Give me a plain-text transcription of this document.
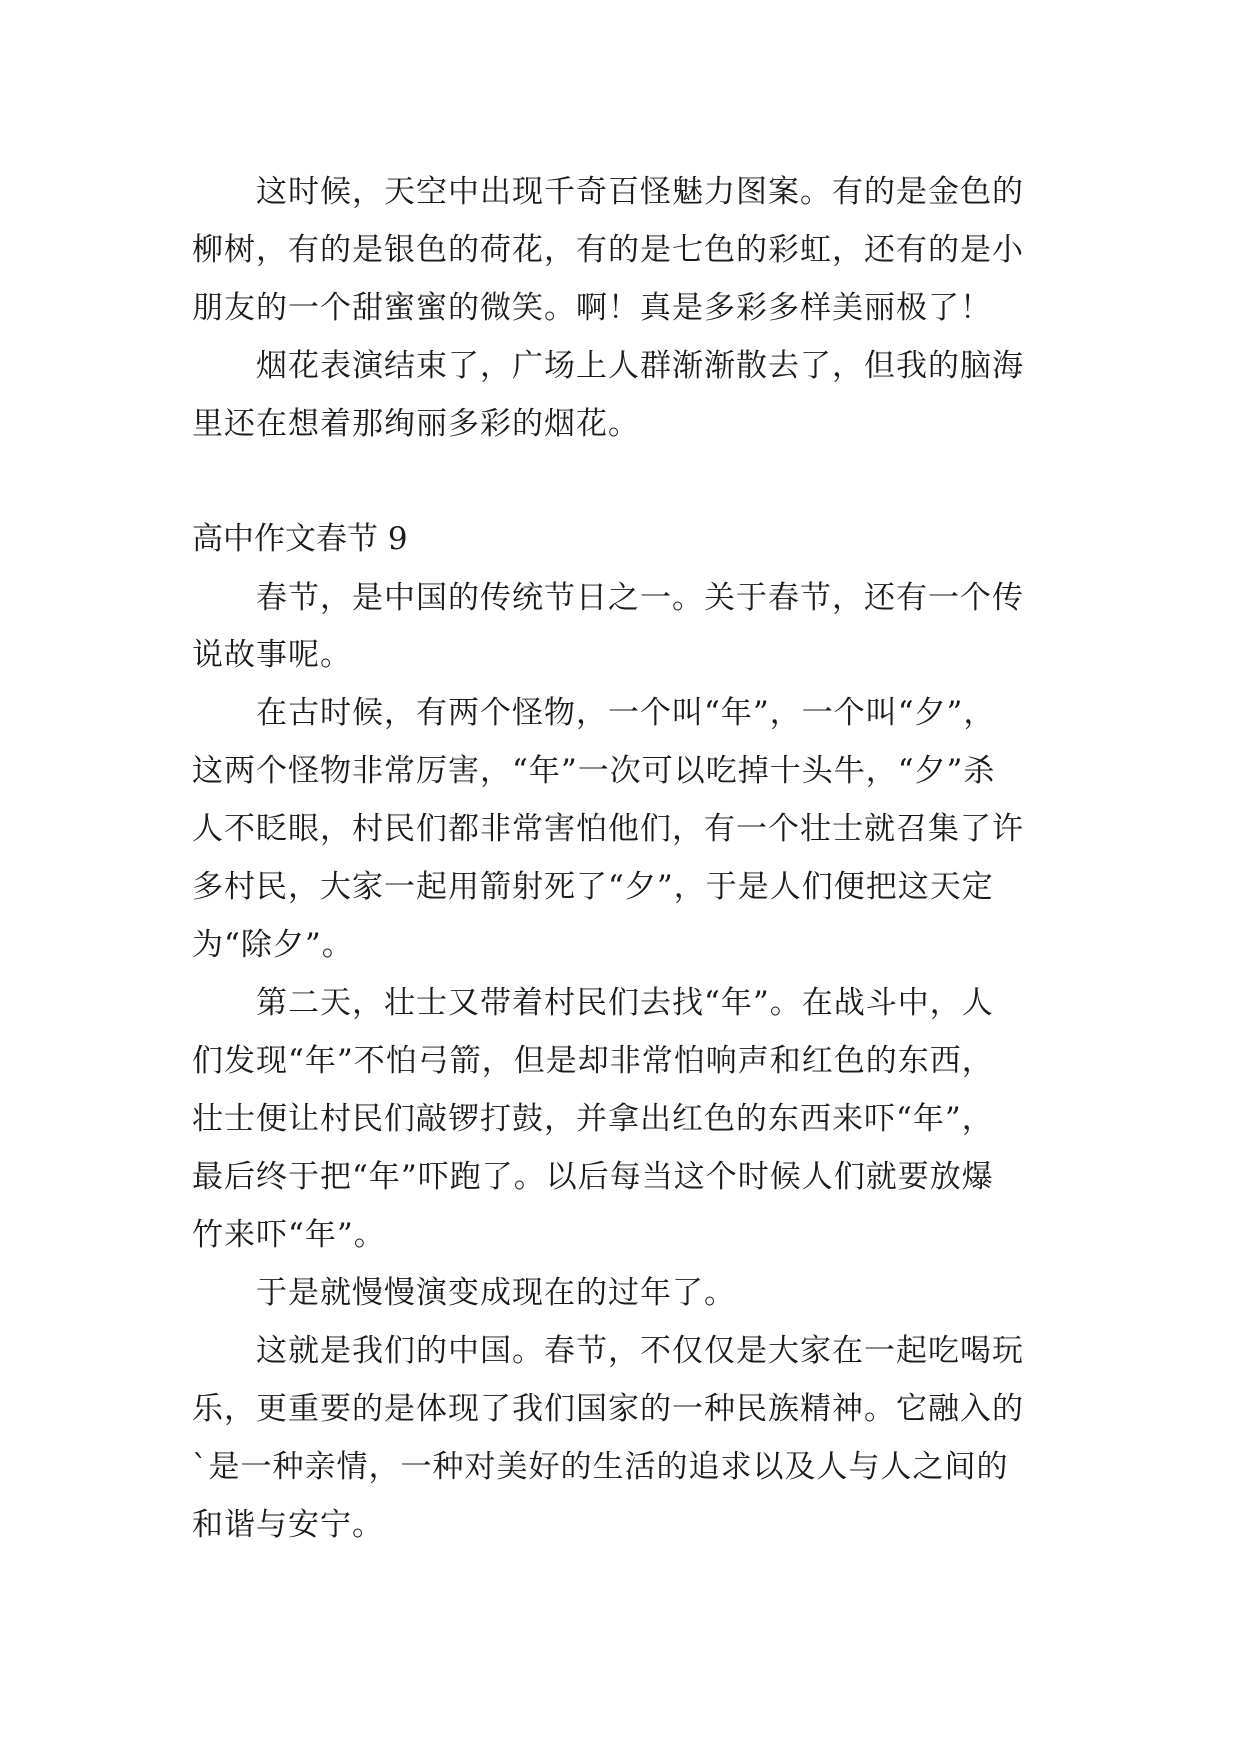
这时候，天空中出现千奇百怪魅力图案。有的是金色的
柳树，有的是银色的荷花，有的是七色的彩虹，还有的是小
朋友的一个甜蜜蜜的微笑。啊！真是多彩多样美丽极了！
烟花表演结束了，广场上人群渐渐散去了，但我的脑海
里还在想着那绚丽多彩的烟花。
高中作文春节 9
春节，是中国的传统节日之一。关于春节，还有一个传
说故事呢。
在古时候，有两个怪物，一个叫“年”，一个叫“夕”，
这两个怪物非常厉害，“年”一次可以吃掉十头牛，“夕”杀
人不眨眼，村民们都非常害怕他们，有一个壮士就召集了许
多村民，大家一起用箭射死了“夕”，于是人们便把这天定
为“除夕”。
第二天，壮士又带着村民们去找“年”。在战斗中，人
们发现“年”不怕弓箭，但是却非常怕响声和红色的东西，
壮士便让村民们敲锣打鼓，并拿出红色的东西来吓“年”，
最后终于把“年”吓跑了。以后每当这个时候人们就要放爆
竹来吓“年”。
于是就慢慢演变成现在的过年了。
这就是我们的中国。春节，不仅仅是大家在一起吃喝玩
乐，更重要的是体现了我们国家的一种民族精神。它融入的
`是一种亲情，一种对美好的生活的追求以及人与人之间的
和谐与安宁。
